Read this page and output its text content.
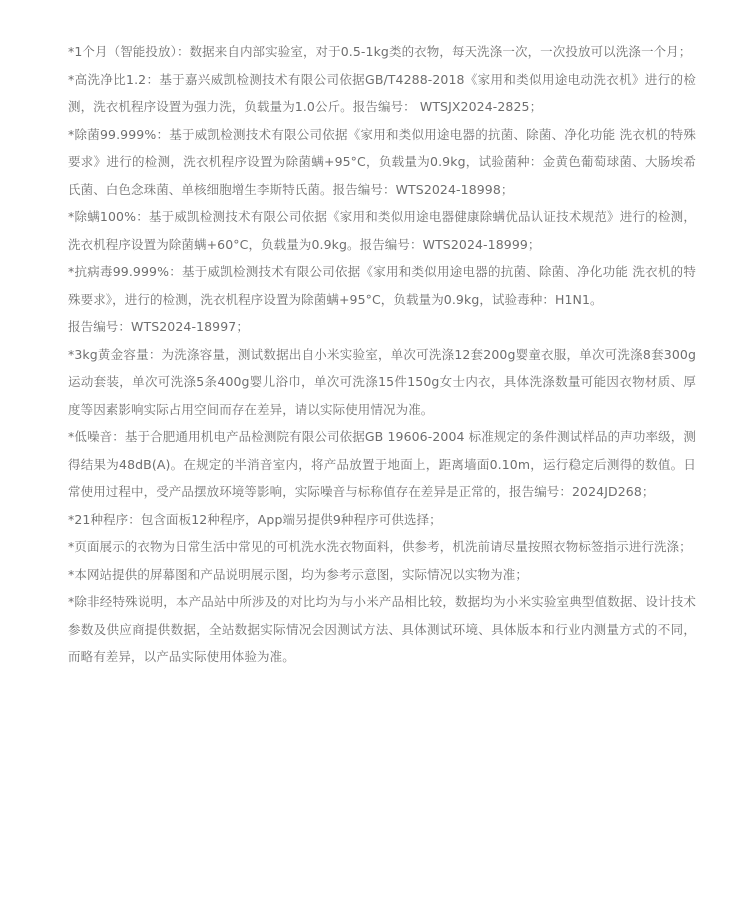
*1个月（智能投放）：数据来自内部实验室，对于0.5-1kg类的衣物，每天洗涤一次，一次投放可以洗涤一个月；

*高洗净比1.2：基于嘉兴威凯检测技术有限公司依据GB/T4288-2018《家用和类似用途电动洗衣机》进行的检测，洗衣机程序设置为强力洗，负载量为1.0公斤。报告编号： WTSJX2024-2825；

*除菌99.999%：基于威凯检测技术有限公司依据《家用和类似用途电器的抗菌、除菌、净化功能 洗衣机的特殊要求》进行的检测，洗衣机程序设置为除菌螨+95°C，负载量为0.9kg，试验菌种：金黄色葡萄球菌、大肠埃希氏菌、白色念珠菌、单核细胞增生李斯特氏菌。报告编号：WTS2024-18998；

*除螨100%：基于威凯检测技术有限公司依据《家用和类似用途电器健康除螨优品认证技术规范》进行的检测，洗衣机程序设置为除菌螨+60°C，负载量为0.9kg。报告编号：WTS2024-18999；

*抗病毒99.999%：基于威凯检测技术有限公司依据《家用和类似用途电器的抗菌、除菌、净化功能 洗衣机的特殊要求》，进行的检测，洗衣机程序设置为除菌螨+95°C，负载量为0.9kg，试验毒种：H1N1。

报告编号：WTS2024-18997；

*3kg黄金容量：为洗涤容量，测试数据出自小米实验室，单次可洗涤12套200g婴童衣服，单次可洗涤8套300g运动套装，单次可洗涤5条400g婴儿浴巾，单次可洗涤15件150g女士内衣，具体洗涤数量可能因衣物材质、厚度等因素影响实际占用空间而存在差异，请以实际使用情况为准。

*低噪音：基于合肥通用机电产品检测院有限公司依据GB 19606-2004 标准规定的条件测试样品的声功率级，测得结果为48dB(A)。在规定的半消音室内，将产品放置于地面上，距离墙面0.10m，运行稳定后测得的数值。日常使用过程中，受产品摆放环境等影响，实际噪音与标称值存在差异是正常的，报告编号：2024JD268；

*21种程序：包含面板12种程序，App端另提供9种程序可供选择；

*页面展示的衣物为日常生活中常见的可机洗水洗衣物面料，供参考，机洗前请尽量按照衣物标签指示进行洗涤；

*本网站提供的屏幕图和产品说明展示图，均为参考示意图，实际情况以实物为准；

*除非经特殊说明，本产品站中所涉及的对比均为与小米产品相比较，数据均为小米实验室典型值数据、设计技术参数及供应商提供数据，全站数据实际情况会因测试方法、具体测试环境、具体版本和行业内测量方式的不同，而略有差异，以产品实际使用体验为准。
